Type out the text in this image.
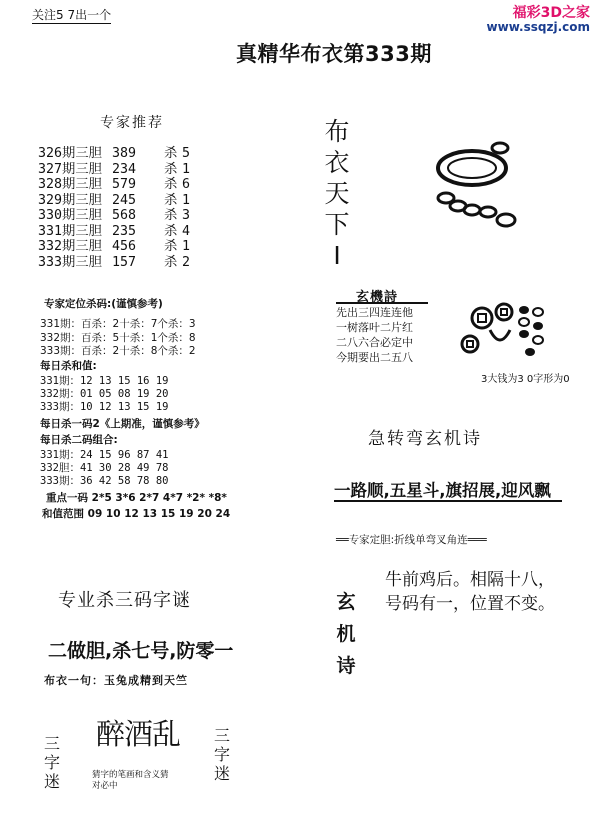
关注5 7出一个	福彩3D之家
www.ssqzj.com
真精华布衣第333期
专家推荐
326期三胆 389 杀 5
327期三胆 234 杀 1
328期三胆 579 杀 6
329期三胆 245 杀 1
330期三胆 568 杀 3
331期三胆 235 杀 4
332期三胆 456 杀 1
333期三胆 157 杀 2
专家定位杀码:(谨慎参考)
331期：百杀：2十杀：7个杀：3
332期：百杀：5十杀：1个杀：8
333期：百杀：2十杀：8个杀：2
每日杀和值:
331期：12 13 15 16 19
332期：01 05 08 19 20
333期：10 12 13 15 19
每日杀一码2《上期准，谨慎参考》
每日杀二码组合:
331期：24 15 96 87 41
332胆：41 30 28 49 78
333期：36 42 58 78 80
重点一码 2*5 3*6 2*7 4*7 *2* *8*
和值范围 09 10 12 13 15 19 20 24
布
衣
天
下
I
玄機詩
先出三四连连他
一树落叶二片红
二八六合必定中
今期要出二五八
3大钱为3 0字形为0
急转弯玄机诗
一路顺,五星斗,旗招展,迎风飘
══专家定胆:折线单弯叉角连═══
玄
机
诗
牛前鸡后。相隔十八，
号码有一，位置不变。
专业杀三码字谜
二做胆,杀七号,防零一
布衣一句：玉兔成精到天竺
三
字
迷
醉酒乱
猜字的笔画和含义猜
对必中
三
字
迷
